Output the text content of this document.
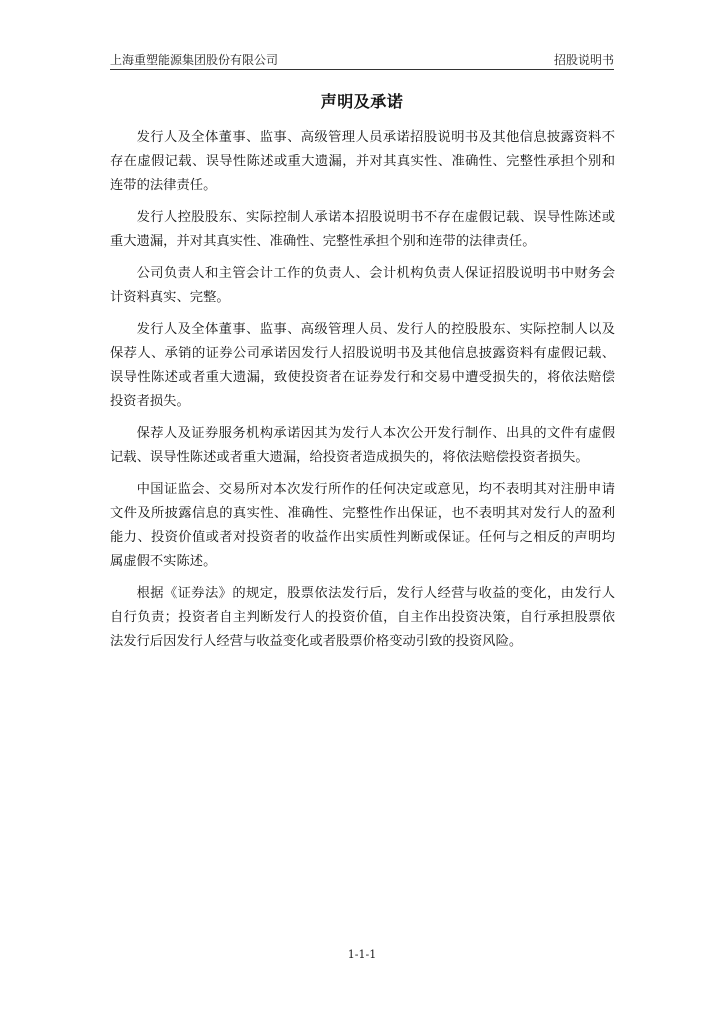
上海重塑能源集团股份有限公司	招股说明书
声明及承诺

发行人及全体董事、监事、高级管理人员承诺招股说明书及其他信息披露资料不存在虚假记载、误导性陈述或重大遗漏，并对其真实性、准确性、完整性承担个别和连带的法律责任。

发行人控股股东、实际控制人承诺本招股说明书不存在虚假记载、误导性陈述或重大遗漏，并对其真实性、准确性、完整性承担个别和连带的法律责任。

公司负责人和主管会计工作的负责人、会计机构负责人保证招股说明书中财务会计资料真实、完整。

发行人及全体董事、监事、高级管理人员、发行人的控股股东、实际控制人以及保荐人、承销的证券公司承诺因发行人招股说明书及其他信息披露资料有虚假记载、误导性陈述或者重大遗漏，致使投资者在证券发行和交易中遭受损失的，将依法赔偿投资者损失。

保荐人及证券服务机构承诺因其为发行人本次公开发行制作、出具的文件有虚假记载、误导性陈述或者重大遗漏，给投资者造成损失的，将依法赔偿投资者损失。

中国证监会、交易所对本次发行所作的任何决定或意见，均不表明其对注册申请文件及所披露信息的真实性、准确性、完整性作出保证，也不表明其对发行人的盈利能力、投资价值或者对投资者的收益作出实质性判断或保证。任何与之相反的声明均属虚假不实陈述。

根据《证券法》的规定，股票依法发行后，发行人经营与收益的变化，由发行人自行负责；投资者自主判断发行人的投资价值，自主作出投资决策，自行承担股票依法发行后因发行人经营与收益变化或者股票价格变动引致的投资风险。

1-1-1
